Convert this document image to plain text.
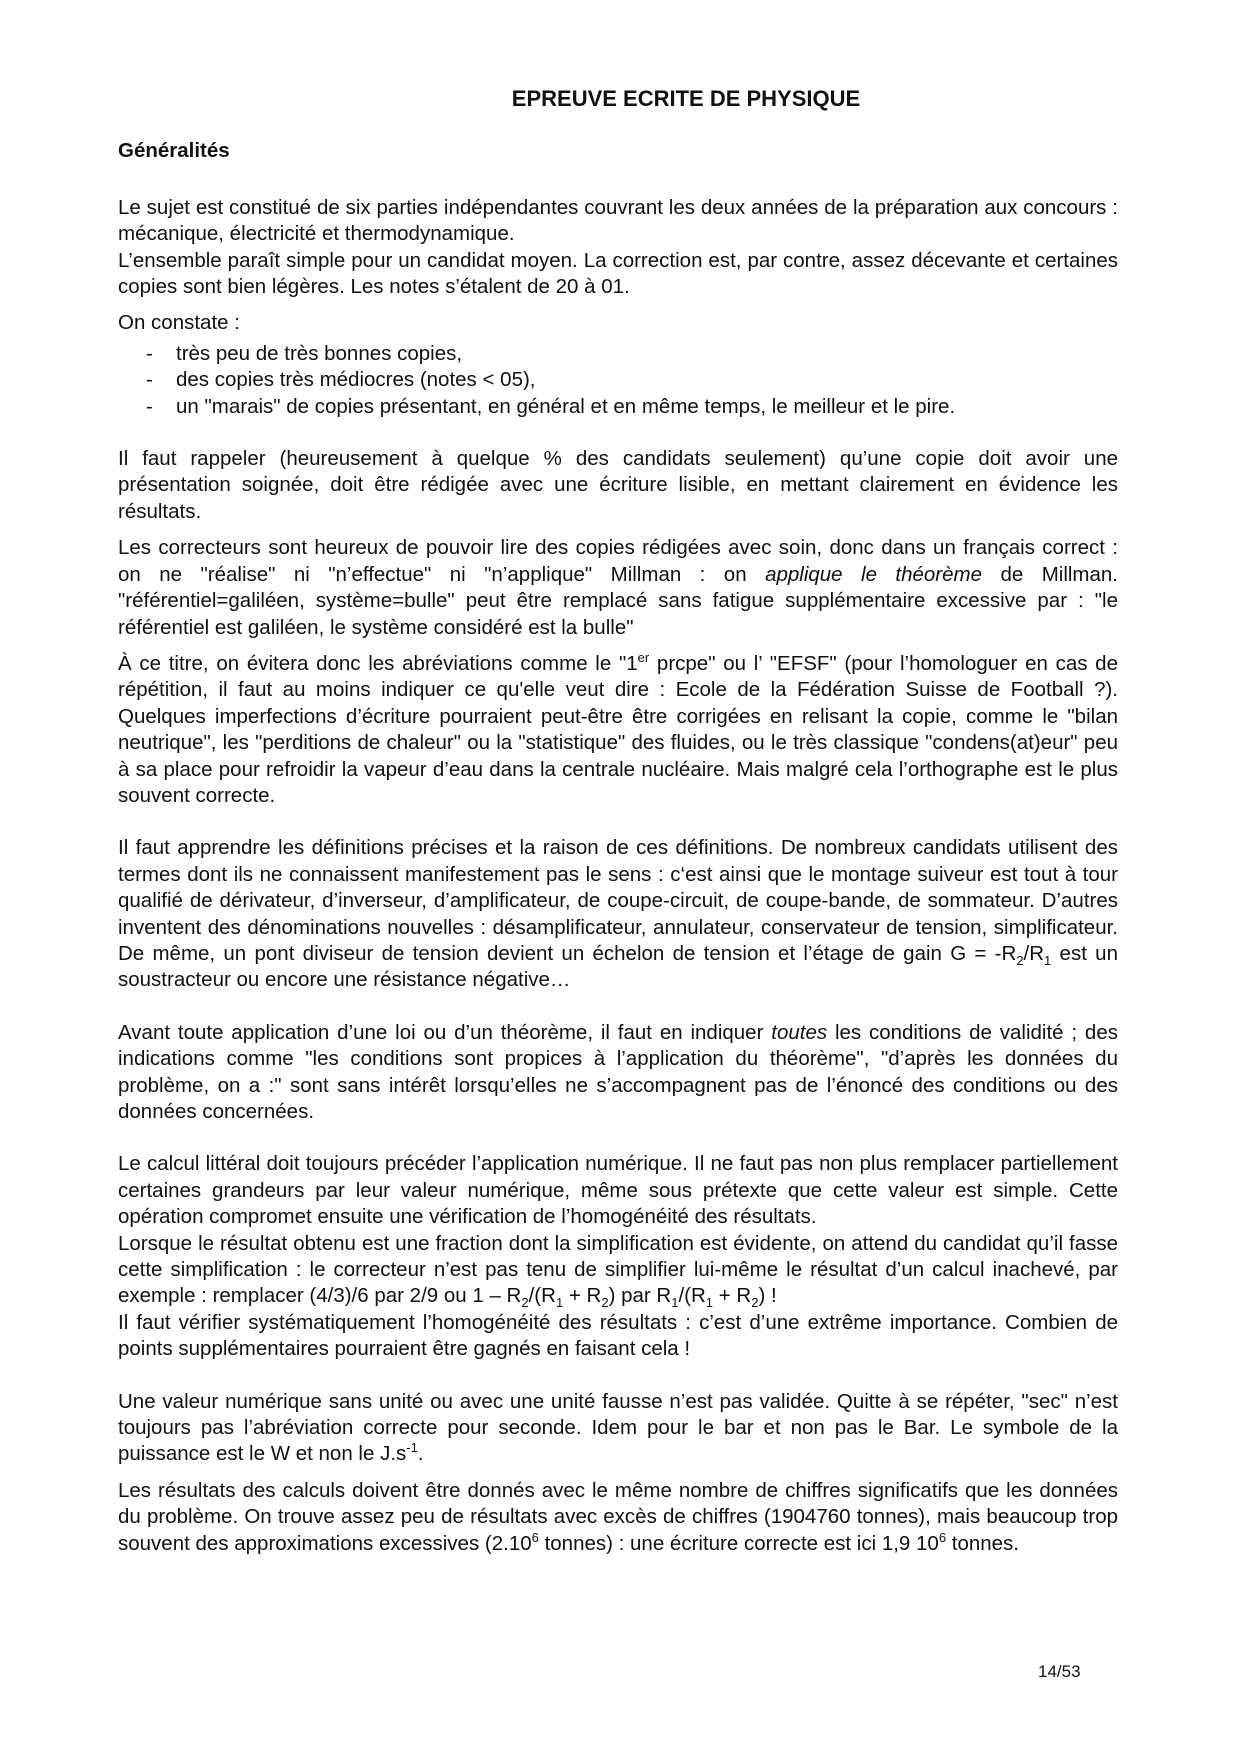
EPREUVE ECRITE DE PHYSIQUE
Généralités

Le sujet est constitué de six parties indépendantes couvrant les deux années de la préparation aux concours : mécanique, électricité et thermodynamique.
L’ensemble paraît simple pour un candidat moyen. La correction est, par contre, assez décevante et certaines copies sont bien légères. Les notes s’étalent de 20 à 01.

On constate :

- très peu de très bonnes copies,
- des copies très médiocres (notes < 05),
- un "marais" de copies présentant, en général et en même temps, le meilleur et le pire.

Il faut rappeler (heureusement à quelque % des candidats seulement) qu’une copie doit avoir une présentation soignée, doit être rédigée avec une écriture lisible, en mettant clairement en évidence les résultats.

Les correcteurs sont heureux de pouvoir lire des copies rédigées avec soin, donc dans un français correct : on ne "réalise" ni "n’effectue" ni "n’applique" Millman : on applique le théorème de Millman. "référentiel=galiléen, système=bulle" peut être remplacé sans fatigue supplémentaire excessive par : "le référentiel est galiléen, le système considéré est la bulle"

À ce titre, on évitera donc les abréviations comme le "1er prcpe" ou l’ "EFSF" (pour l’homologuer en cas de répétition, il faut au moins indiquer ce qu'elle veut dire : Ecole de la Fédération Suisse de Football ?). Quelques imperfections d’écriture pourraient peut-être être corrigées en relisant la copie, comme le "bilan neutrique", les "perditions de chaleur" ou la "statistique" des fluides, ou le très classique "condens(at)eur" peu à sa place pour refroidir la vapeur d’eau dans la centrale nucléaire. Mais malgré cela l’orthographe est le plus souvent correcte.

Il faut apprendre les définitions précises et la raison de ces définitions. De nombreux candidats utilisent des termes dont ils ne connaissent manifestement pas le sens : c‘est ainsi que le montage suiveur est tout à tour qualifié de dérivateur, d’inverseur, d’amplificateur, de coupe-circuit, de coupe-bande, de sommateur. D’autres inventent des dénominations nouvelles : désamplificateur, annulateur, conservateur de tension, simplificateur. De même, un pont diviseur de tension devient un échelon de tension et l’étage de gain $G = -R_2/R_1$ est un soustracteur ou encore une résistance négative…

Avant toute application d’une loi ou d’un théorème, il faut en indiquer toutes les conditions de validité ; des indications comme "les conditions sont propices à l’application du théorème", "d’après les données du problème, on a :" sont sans intérêt lorsqu’elles ne s’accompagnent pas de l’énoncé des conditions ou des données concernées.

Le calcul littéral doit toujours précéder l’application numérique. Il ne faut pas non plus remplacer partiellement certaines grandeurs par leur valeur numérique, même sous prétexte que cette valeur est simple. Cette opération compromet ensuite une vérification de l’homogénéité des résultats.
Lorsque le résultat obtenu est une fraction dont la simplification est évidente, on attend du candidat qu’il fasse cette simplification : le correcteur n’est pas tenu de simplifier lui-même le résultat d’un calcul inachevé, par exemple : remplacer (4/3)/6 par 2/9 ou $1 - R_2/(R_1 + R_2)$ par $R_1/(R_1 + R_2)$ !
Il faut vérifier systématiquement l’homogénéité des résultats : c’est d’une extrême importance. Combien de points supplémentaires pourraient être gagnés en faisant cela !

Une valeur numérique sans unité ou avec une unité fausse n’est pas validée. Quitte à se répéter, "sec" n’est toujours pas l’abréviation correcte pour seconde. Idem pour le bar et non pas le Bar. Le symbole de la puissance est le W et non le $J.s^{-1}$.

Les résultats des calculs doivent être donnés avec le même nombre de chiffres significatifs que les données du problème. On trouve assez peu de résultats avec excès de chiffres (1904760 tonnes), mais beaucoup trop souvent des approximations excessives (2.10$^6$ tonnes) : une écriture correcte est ici 1,9 $10^6$ tonnes.

14/53
